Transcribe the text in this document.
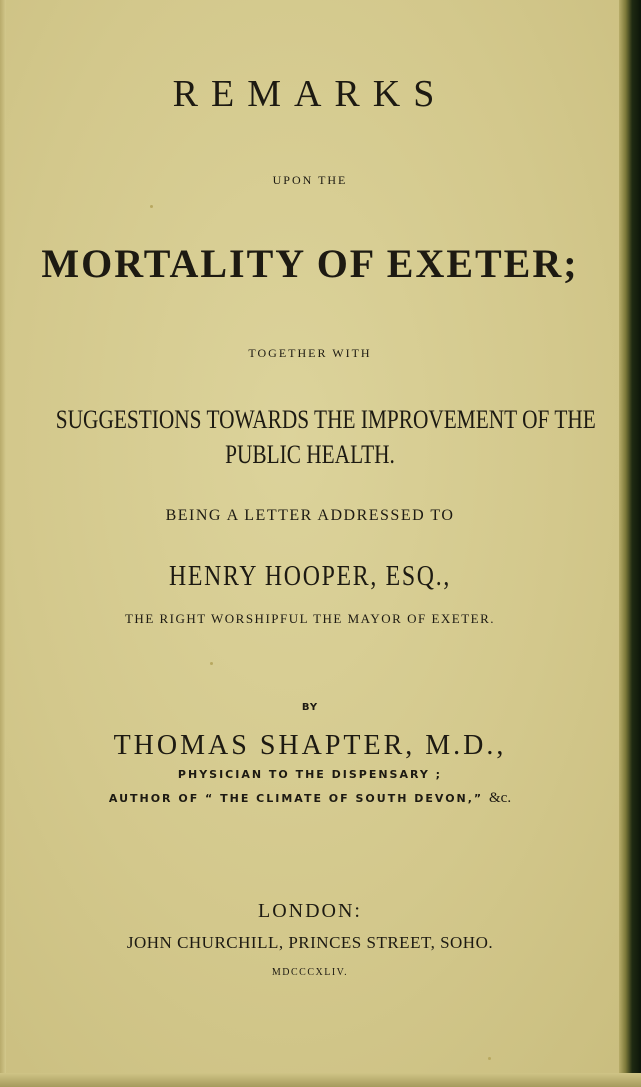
REMARKS
UPON THE
MORTALITY OF EXETER;
TOGETHER WITH
SUGGESTIONS TOWARDS THE IMPROVEMENT OF THE
PUBLIC HEALTH.
BEING A LETTER ADDRESSED TO
HENRY HOOPER, ESQ.,
THE RIGHT WORSHIPFUL THE MAYOR OF EXETER.
BY
THOMAS SHAPTER, M.D.,
PHYSICIAN TO THE DISPENSARY ;
AUTHOR OF “ THE CLIMATE OF SOUTH DEVON,” &c.
LONDON:
JOHN CHURCHILL, PRINCES STREET, SOHO.
MDCCCXLIV.
